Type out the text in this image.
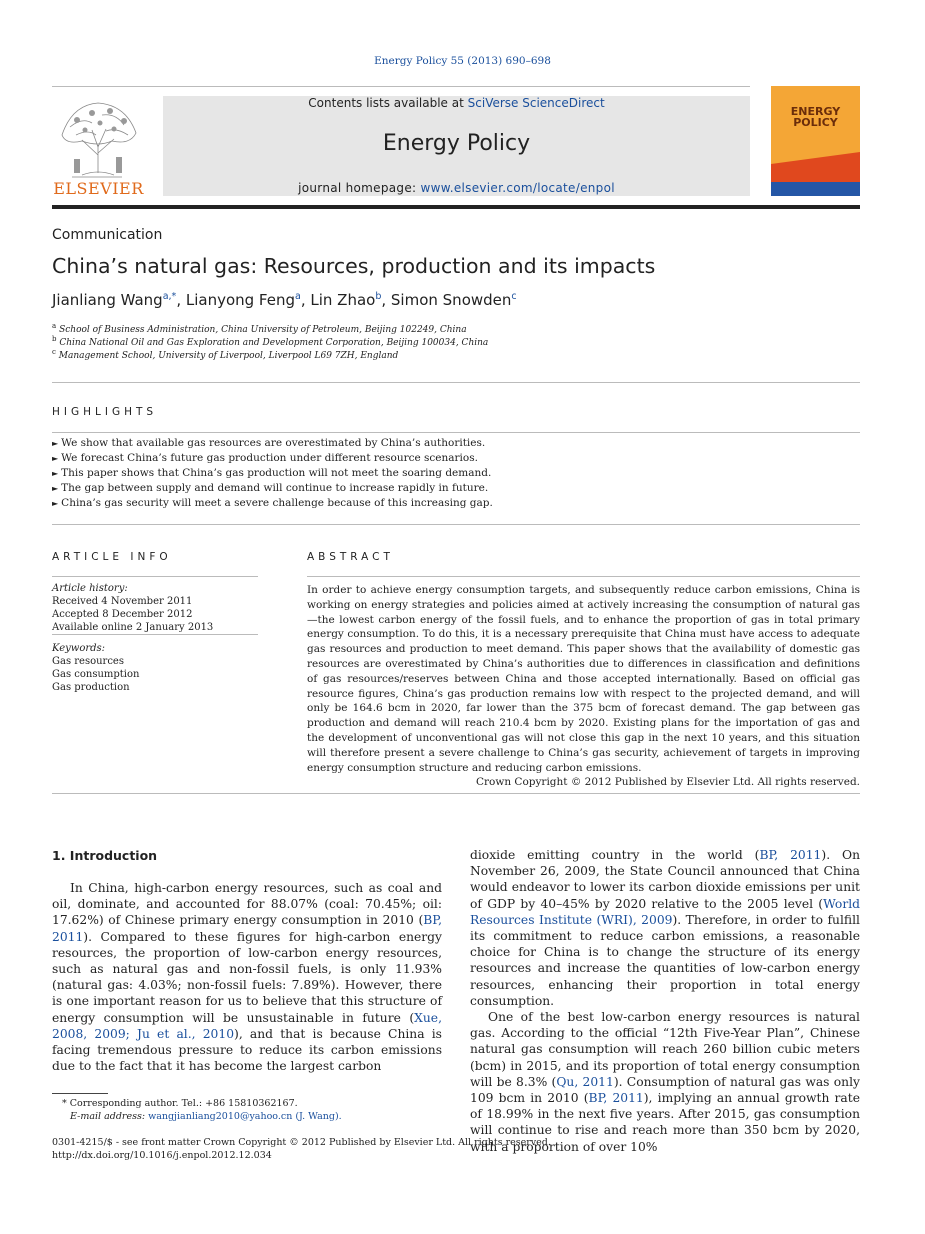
Energy Policy 55 (2013) 690–698
ELSEVIER
Contents lists available at SciVerse ScienceDirect
Energy Policy
journal homepage: www.elsevier.com/locate/enpol
ENERGY
POLICY
Communication
China’s natural gas: Resources, production and its impacts
Jianliang Wang$^{a,*}$, Lianyong Feng$^a$, Lin Zhao$^b$, Simon Snowden$^c$
$^a$ School of Business Administration, China University of Petroleum, Beijing 102249, China
$^b$ China National Oil and Gas Exploration and Development Corporation, Beijing 100034, China
$^c$ Management School, University of Liverpool, Liverpool L69 7ZH, England
HIGHLIGHTS
► We show that available gas resources are overestimated by China’s authorities.
► We forecast China’s future gas production under different resource scenarios.
► This paper shows that China’s gas production will not meet the soaring demand.
► The gap between supply and demand will continue to increase rapidly in future.
► China’s gas security will meet a severe challenge because of this increasing gap.
ARTICLE INFO
Article history:
Received 4 November 2011
Accepted 8 December 2012
Available online 2 January 2013
Keywords:
Gas resources
Gas consumption
Gas production
ABSTRACT
In order to achieve energy consumption targets, and subsequently reduce carbon emissions, China is working on energy strategies and policies aimed at actively increasing the consumption of natural gas—the lowest carbon energy of the fossil fuels, and to enhance the proportion of gas in total primary energy consumption. To do this, it is a necessary prerequisite that China must have access to adequate gas resources and production to meet demand. This paper shows that the availability of domestic gas resources are overestimated by China’s authorities due to differences in classification and definitions of gas resources/reserves between China and those accepted internationally. Based on official gas resource figures, China’s gas production remains low with respect to the projected demand, and will only be 164.6 bcm in 2020, far lower than the 375 bcm of forecast demand. The gap between gas production and demand will reach 210.4 bcm by 2020. Existing plans for the importation of gas and the development of unconventional gas will not close this gap in the next 10 years, and this situation will therefore present a severe challenge to China’s gas security, achievement of targets in improving energy consumption structure and reducing carbon emissions.
Crown Copyright © 2012 Published by Elsevier Ltd. All rights reserved.
1. Introduction

In China, high-carbon energy resources, such as coal and oil, dominate, and accounted for 88.07% (coal: 70.45%; oil: 17.62%) of Chinese primary energy consumption in 2010 (BP, 2011). Compared to these figures for high-carbon energy resources, the proportion of low-carbon energy resources, such as natural gas and non-fossil fuels, is only 11.93% (natural gas: 4.03%; non-fossil fuels: 7.89%). However, there is one important reason for us to believe that this structure of energy consumption will be unsustainable in future (Xue, 2008, 2009; Ju et al., 2010), and that is because China is facing tremendous pressure to reduce its carbon emissions due to the fact that it has become the largest carbon

dioxide emitting country in the world (BP, 2011). On November 26, 2009, the State Council announced that China would endeavor to lower its carbon dioxide emissions per unit of GDP by 40–45% by 2020 relative to the 2005 level (World Resources Institute (WRI), 2009). Therefore, in order to fulfill its commitment to reduce carbon emissions, a reasonable choice for China is to change the structure of its energy resources and increase the quantities of low-carbon energy resources, enhancing their proportion in total energy consumption.

One of the best low-carbon energy resources is natural gas. According to the official “12th Five-Year Plan”, Chinese natural gas consumption will reach 260 billion cubic meters (bcm) in 2015, and its proportion of total energy consumption will be 8.3% (Qu, 2011). Consumption of natural gas was only 109 bcm in 2010 (BP, 2011), implying an annual growth rate of 18.99% in the next five years. After 2015, gas consumption will continue to rise and reach more than 350 bcm by 2020, with a proportion of over 10%

* Corresponding author. Tel.: +86 15810362167.
E-mail address: wangjianliang2010@yahoo.cn (J. Wang).
0301-4215/$ - see front matter Crown Copyright © 2012 Published by Elsevier Ltd. All rights reserved.
http://dx.doi.org/10.1016/j.enpol.2012.12.034
